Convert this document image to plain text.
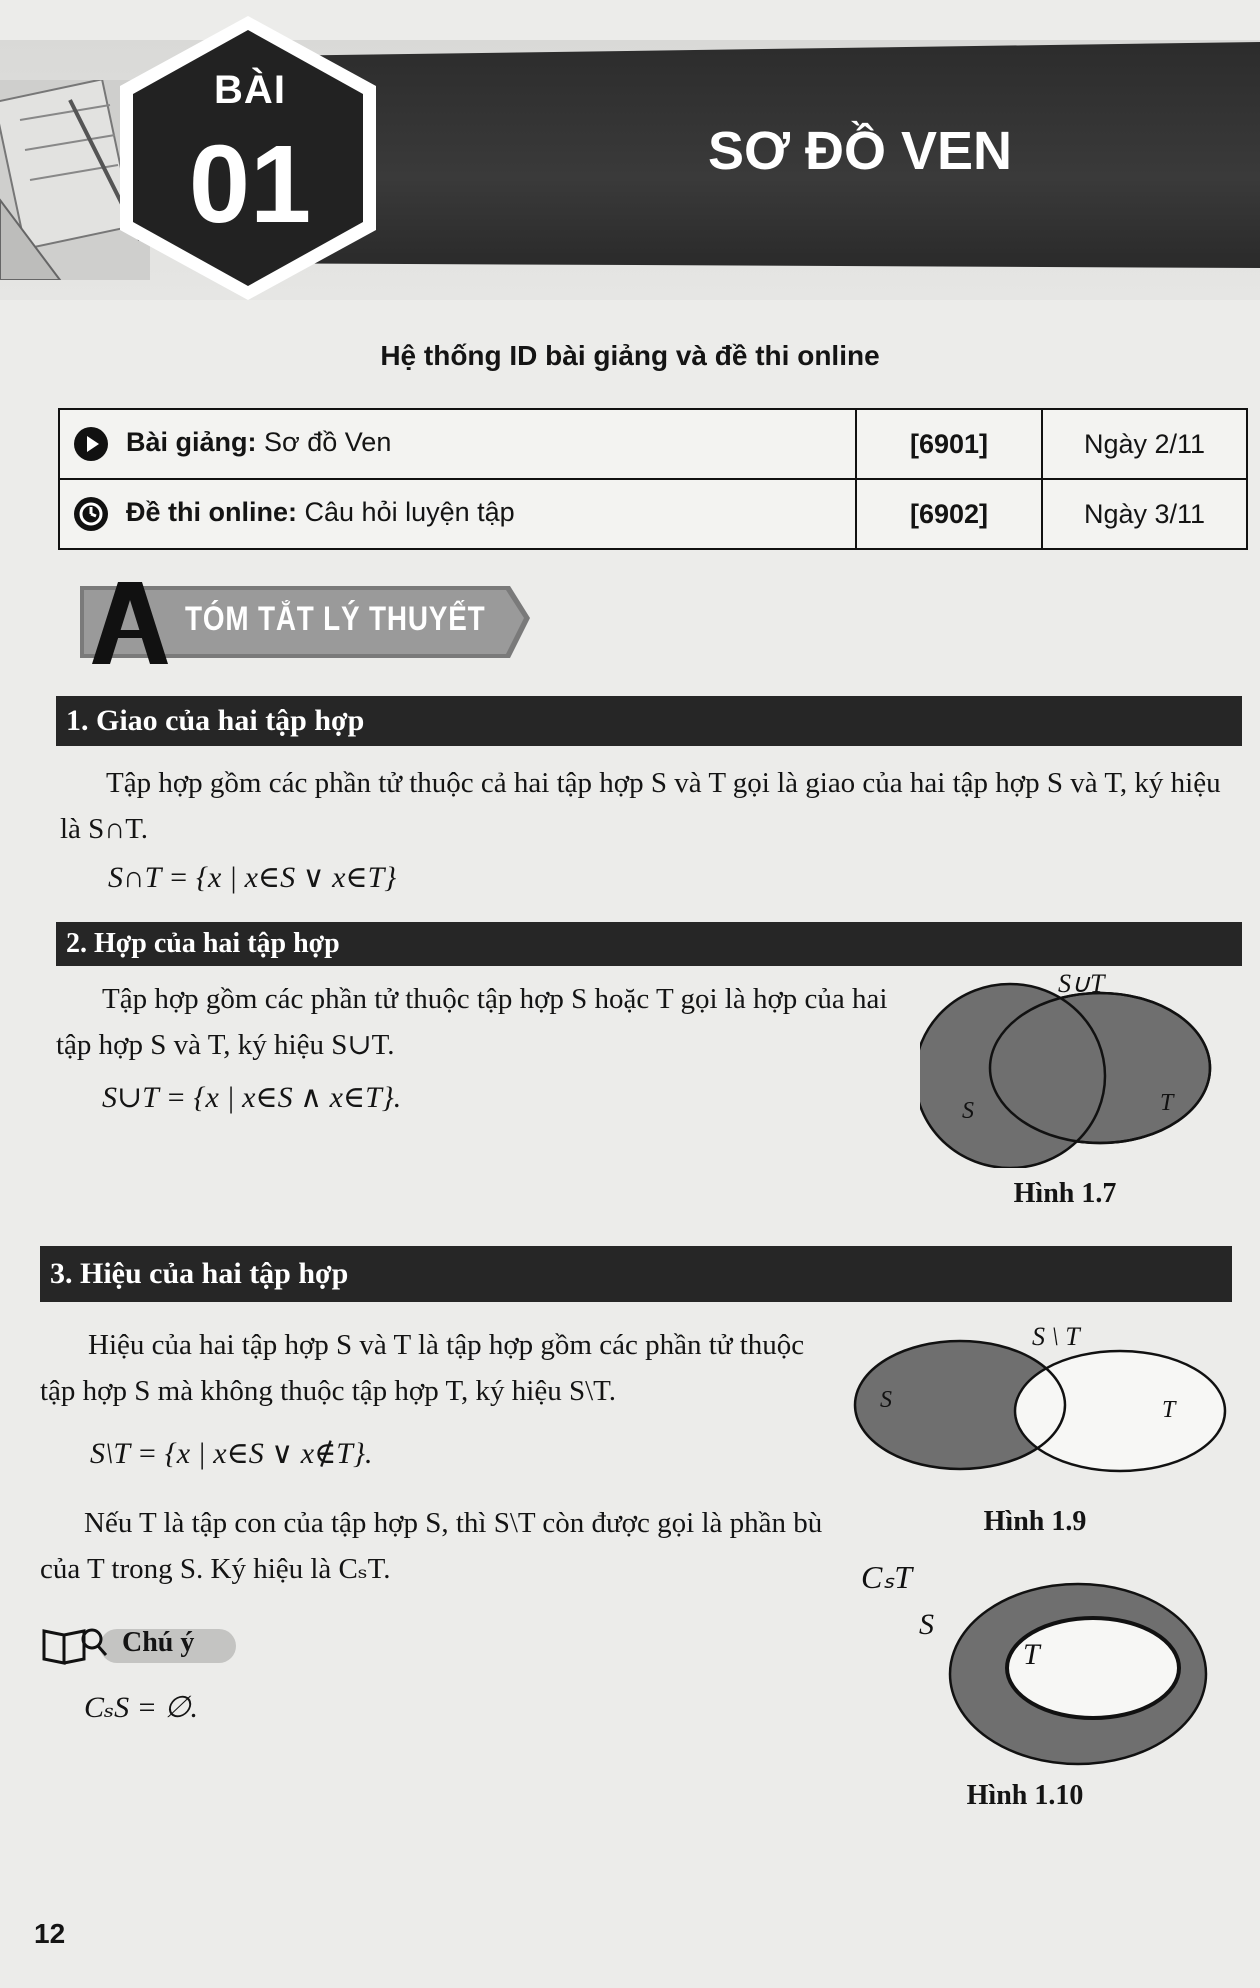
BÀI
01	SƠ ĐỒ VEN
Hệ thống ID bài giảng và đề thi online
Bài giảng: Sơ đồ Ven	[6901]	Ngày 2/11

Đề thi online: Câu hỏi luyện tập	[6902]	Ngày 3/11
TÓM TẮT LÝ THUYẾT
1. Giao của hai tập hợp
Tập hợp gồm các phần tử thuộc cả hai tập hợp S và T gọi là giao của hai tập hợp S và T, ký hiệu là S∩T.
S∩T = {x | x∈S ∨ x∈T}
2. Hợp của hai tập hợp
Tập hợp gồm các phần tử thuộc tập hợp S hoặc T gọi là hợp của hai tập hợp S và T, ký hiệu S∪T.
S∪T = {x | x∈S ∧ x∈T}.
S∪T
S	T
Hình 1.7
3. Hiệu của hai tập hợp
Hiệu của hai tập hợp S và T là tập hợp gồm các phần tử thuộc tập hợp S mà không thuộc tập hợp T, ký hiệu S\T.
S\T = {x | x∈S ∨ x∉T}.
Nếu T là tập con của tập hợp S, thì S\T còn được gọi là phần bù của T trong S. Ký hiệu là CₛT.
S \ T
S	T
Hình 1.9
CₛT
S
T
Hình 1.10
Chú ý
CₛS = ∅.
12
